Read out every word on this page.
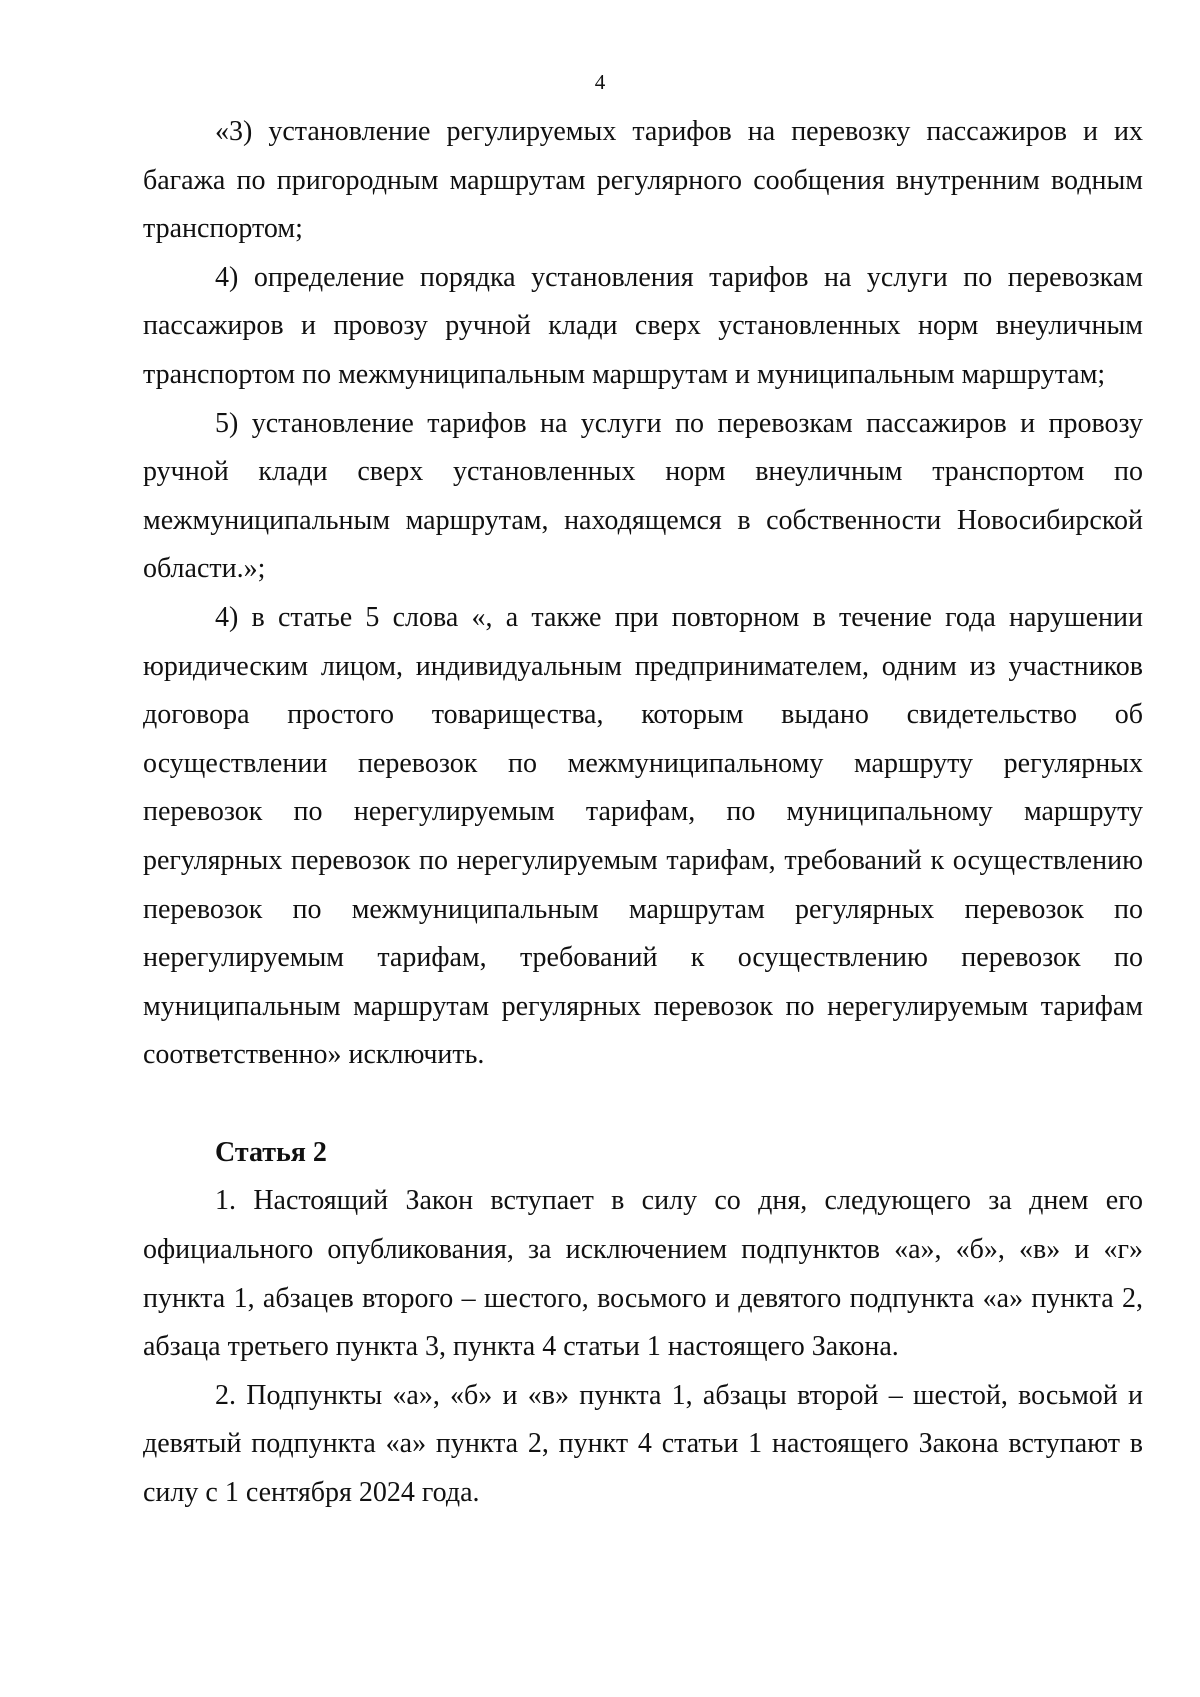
4

«3) установление регулируемых тарифов на перевозку пассажиров и их багажа по пригородным маршрутам регулярного сообщения внутренним водным транспортом;

4) определение порядка установления тарифов на услуги по перевозкам пассажиров и провозу ручной клади сверх установленных норм внеуличным транспортом по межмуниципальным маршрутам и муниципальным маршрутам;

5) установление тарифов на услуги по перевозкам пассажиров и провозу ручной клади сверх установленных норм внеуличным транспортом по межмуниципальным маршрутам, находящемся в собственности Новосибирской области.»;

4) в статье 5 слова «, а также при повторном в течение года нарушении юридическим лицом, индивидуальным предпринимателем, одним из участников договора простого товарищества, которым выдано свидетельство об осуществлении перевозок по межмуниципальному маршруту регулярных перевозок по нерегулируемым тарифам, по муниципальному маршруту регулярных перевозок по нерегулируемым тарифам, требований к осуществлению перевозок по межмуниципальным маршрутам регулярных перевозок по нерегулируемым тарифам, требований к осуществлению перевозок по муниципальным маршрутам регулярных перевозок по нерегулируемым тарифам соответственно» исключить.

Статья 2

1. Настоящий Закон вступает в силу со дня, следующего за днем его официального опубликования, за исключением подпунктов «а», «б», «в» и «г» пункта 1, абзацев второго – шестого, восьмого и девятого подпункта «а» пункта 2, абзаца третьего пункта 3, пункта 4 статьи 1 настоящего Закона.

2. Подпункты «а», «б» и «в» пункта 1, абзацы второй – шестой, восьмой и девятый подпункта «а» пункта 2, пункт 4 статьи 1 настоящего Закона вступают в силу с 1 сентября 2024 года.
